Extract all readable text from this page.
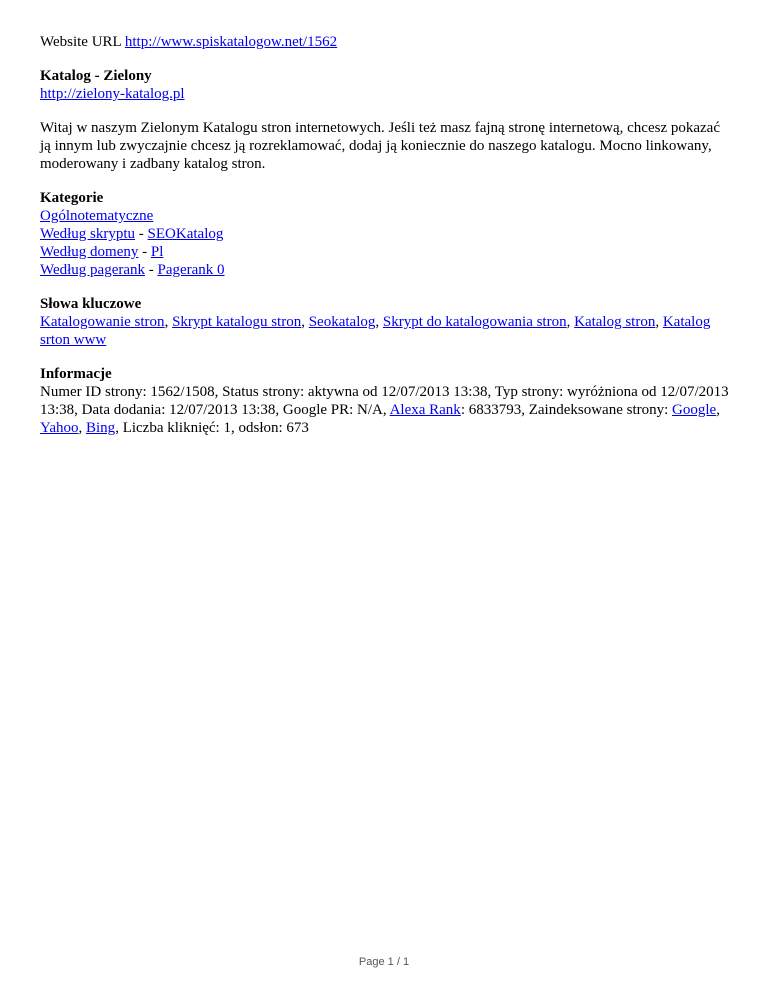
Website URL http://www.spiskatalogow.net/1562

Katalog - Zielony

http://zielony-katalog.pl

Witaj w naszym Zielonym Katalogu stron internetowych. Jeśli też masz fajną stronę internetową, chcesz pokazać ją innym lub zwyczajnie chcesz ją rozreklamować, dodaj ją koniecznie do naszego katalogu. Mocno linkowany, moderowany i zadbany katalog stron.

Kategorie

Ogólnotematyczne

Według skryptu - SEOKatalog

Według domeny - Pl

Według pagerank - Pagerank 0

Słowa kluczowe

Katalogowanie stron, Skrypt katalogu stron, Seokatalog, Skrypt do katalogowania stron, Katalog stron, Katalog srton www

Informacje

Numer ID strony: 1562/1508, Status strony: aktywna od 12/07/2013 13:38, Typ strony: wyróżniona od 12/07/2013 13:38, Data dodania: 12/07/2013 13:38, Google PR: N/A, Alexa Rank: 6833793, Zaindeksowane strony: Google, Yahoo, Bing, Liczba kliknięć: 1, odsłon: 673

Page 1 / 1
